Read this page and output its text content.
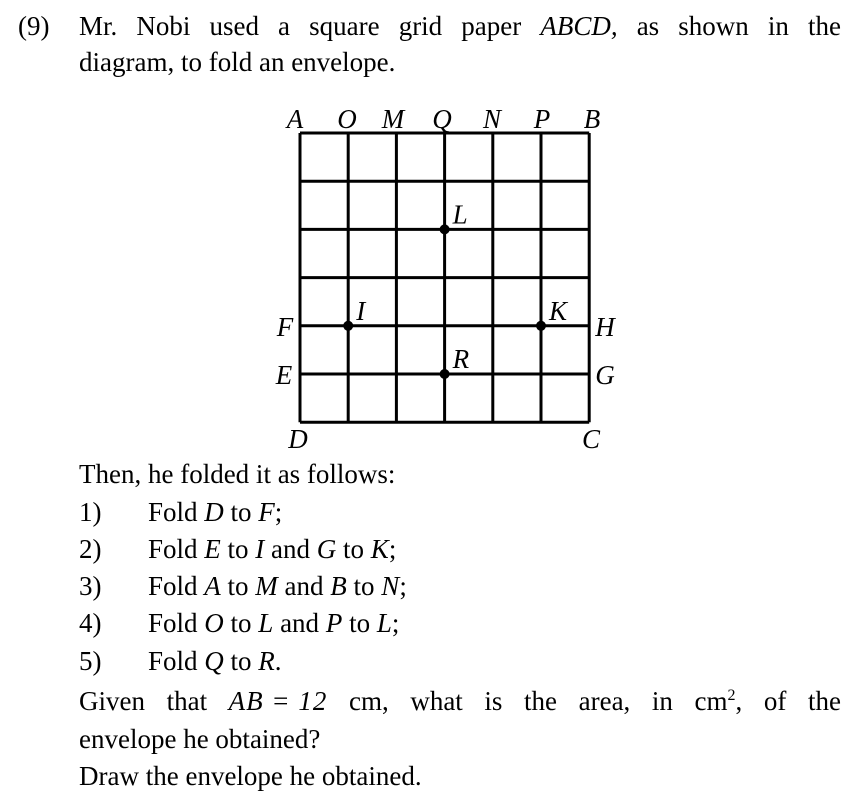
(9) Mr. Nobi used a square grid paper ABCD, as shown in the
diagram, to fold an envelope.
A O M Q N P B
F
E
D
H
G
C
L
I	K
R
Then, he folded it as follows:
1) Fold D to F;
2) Fold E to I and G to K;
3) Fold A to M and B to N;
4) Fold O to L and P to L;
5) Fold Q to R.
Given that AB = 12 cm, what is the area, in $cm^2$, of the
envelope he obtained?
Draw the envelope he obtained.
